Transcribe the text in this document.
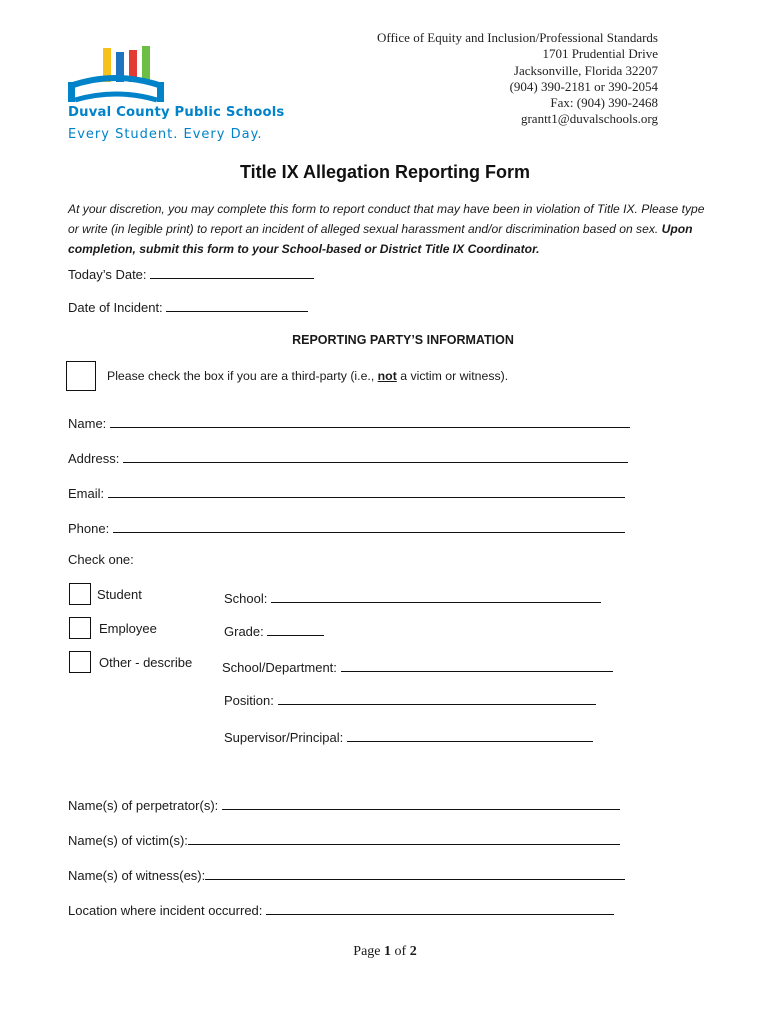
Office of Equity and Inclusion/Professional Standards
1701 Prudential Drive
Jacksonville, Florida 32207
(904) 390-2181 or 390-2054
Fax: (904) 390-2468
grantt1@duvalschools.org
Duval County Public Schools
Every Student. Every Day.
Title IX Allegation Reporting Form
At your discretion, you may complete this form to report conduct that may have been in violation of Title IX. Please type or write (in legible print) to report an incident of alleged sexual harassment and/or discrimination based on sex. Upon completion, submit this form to your School-based or District Title IX Coordinator.
Today’s Date:
Date of Incident:
REPORTING PARTY’S INFORMATION
Please check the box if you are a third-party (i.e., not a victim or witness).
Name:
Address:
Email:
Phone:
Check one:
Student
Employee
Other - describe
School:
Grade:
School/Department:
Position:
Supervisor/Principal:
Name(s) of perpetrator(s):
Name(s) of victim(s):
Name(s) of witness(es):
Location where incident occurred:
Page 1 of 2
